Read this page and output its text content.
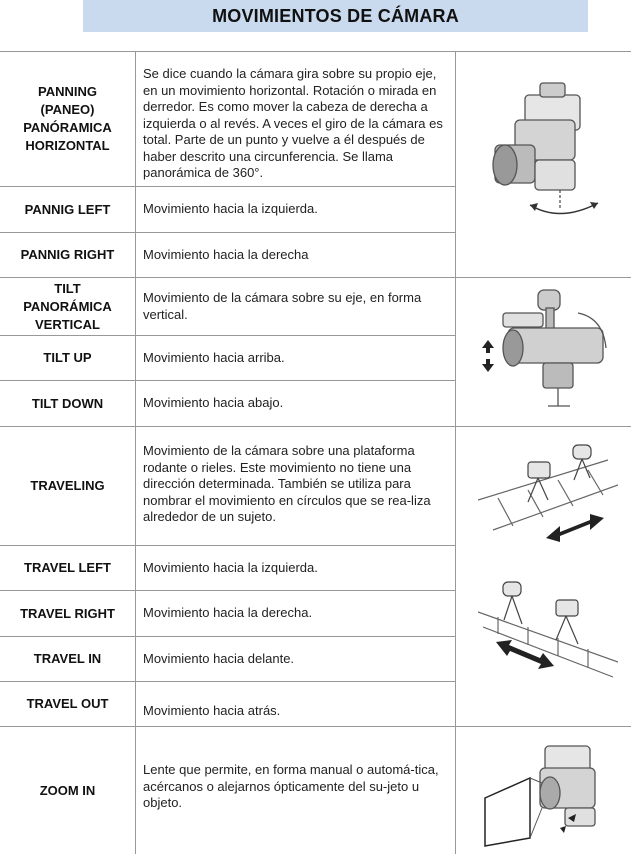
MOVIMIENTOS DE CÁMARA
PANNING
(PANEO)
PANÓRAMICA
HORIZONTAL
PANNIG LEFT
PANNIG RIGHT
TILT
PANORÁMICA
VERTICAL
TILT UP
TILT DOWN
TRAVELING
TRAVEL LEFT
TRAVEL RIGHT
TRAVEL IN
TRAVEL OUT
ZOOM IN
Se dice cuando la cámara gira sobre su propio eje, en un movimiento horizontal. Rotación o mirada en derredor. Es como mover la cabeza de derecha a izquierda o al revés. A veces el giro de la cámara es total. Parte de un punto y vuelve a él después de haber descrito una circunferencia. Se llama panorámica de 360°.
Movimiento hacia la izquierda.
Movimiento hacia la derecha
Movimiento de la cámara sobre su eje, en forma vertical.
Movimiento hacia arriba.
Movimiento hacia abajo.
Movimiento de la cámara sobre una plataforma rodante o rieles. Este movimiento no tiene una dirección determinada. También se utiliza para nombrar el movimiento en círculos que se rea-liza alrededor de un sujeto.
Movimiento hacia la izquierda.
Movimiento hacia la derecha.
Movimiento hacia delante.
Movimiento hacia atrás.
Lente que permite, en forma manual o automá-tica, acércanos o alejarnos ópticamente del su-jeto u objeto.
